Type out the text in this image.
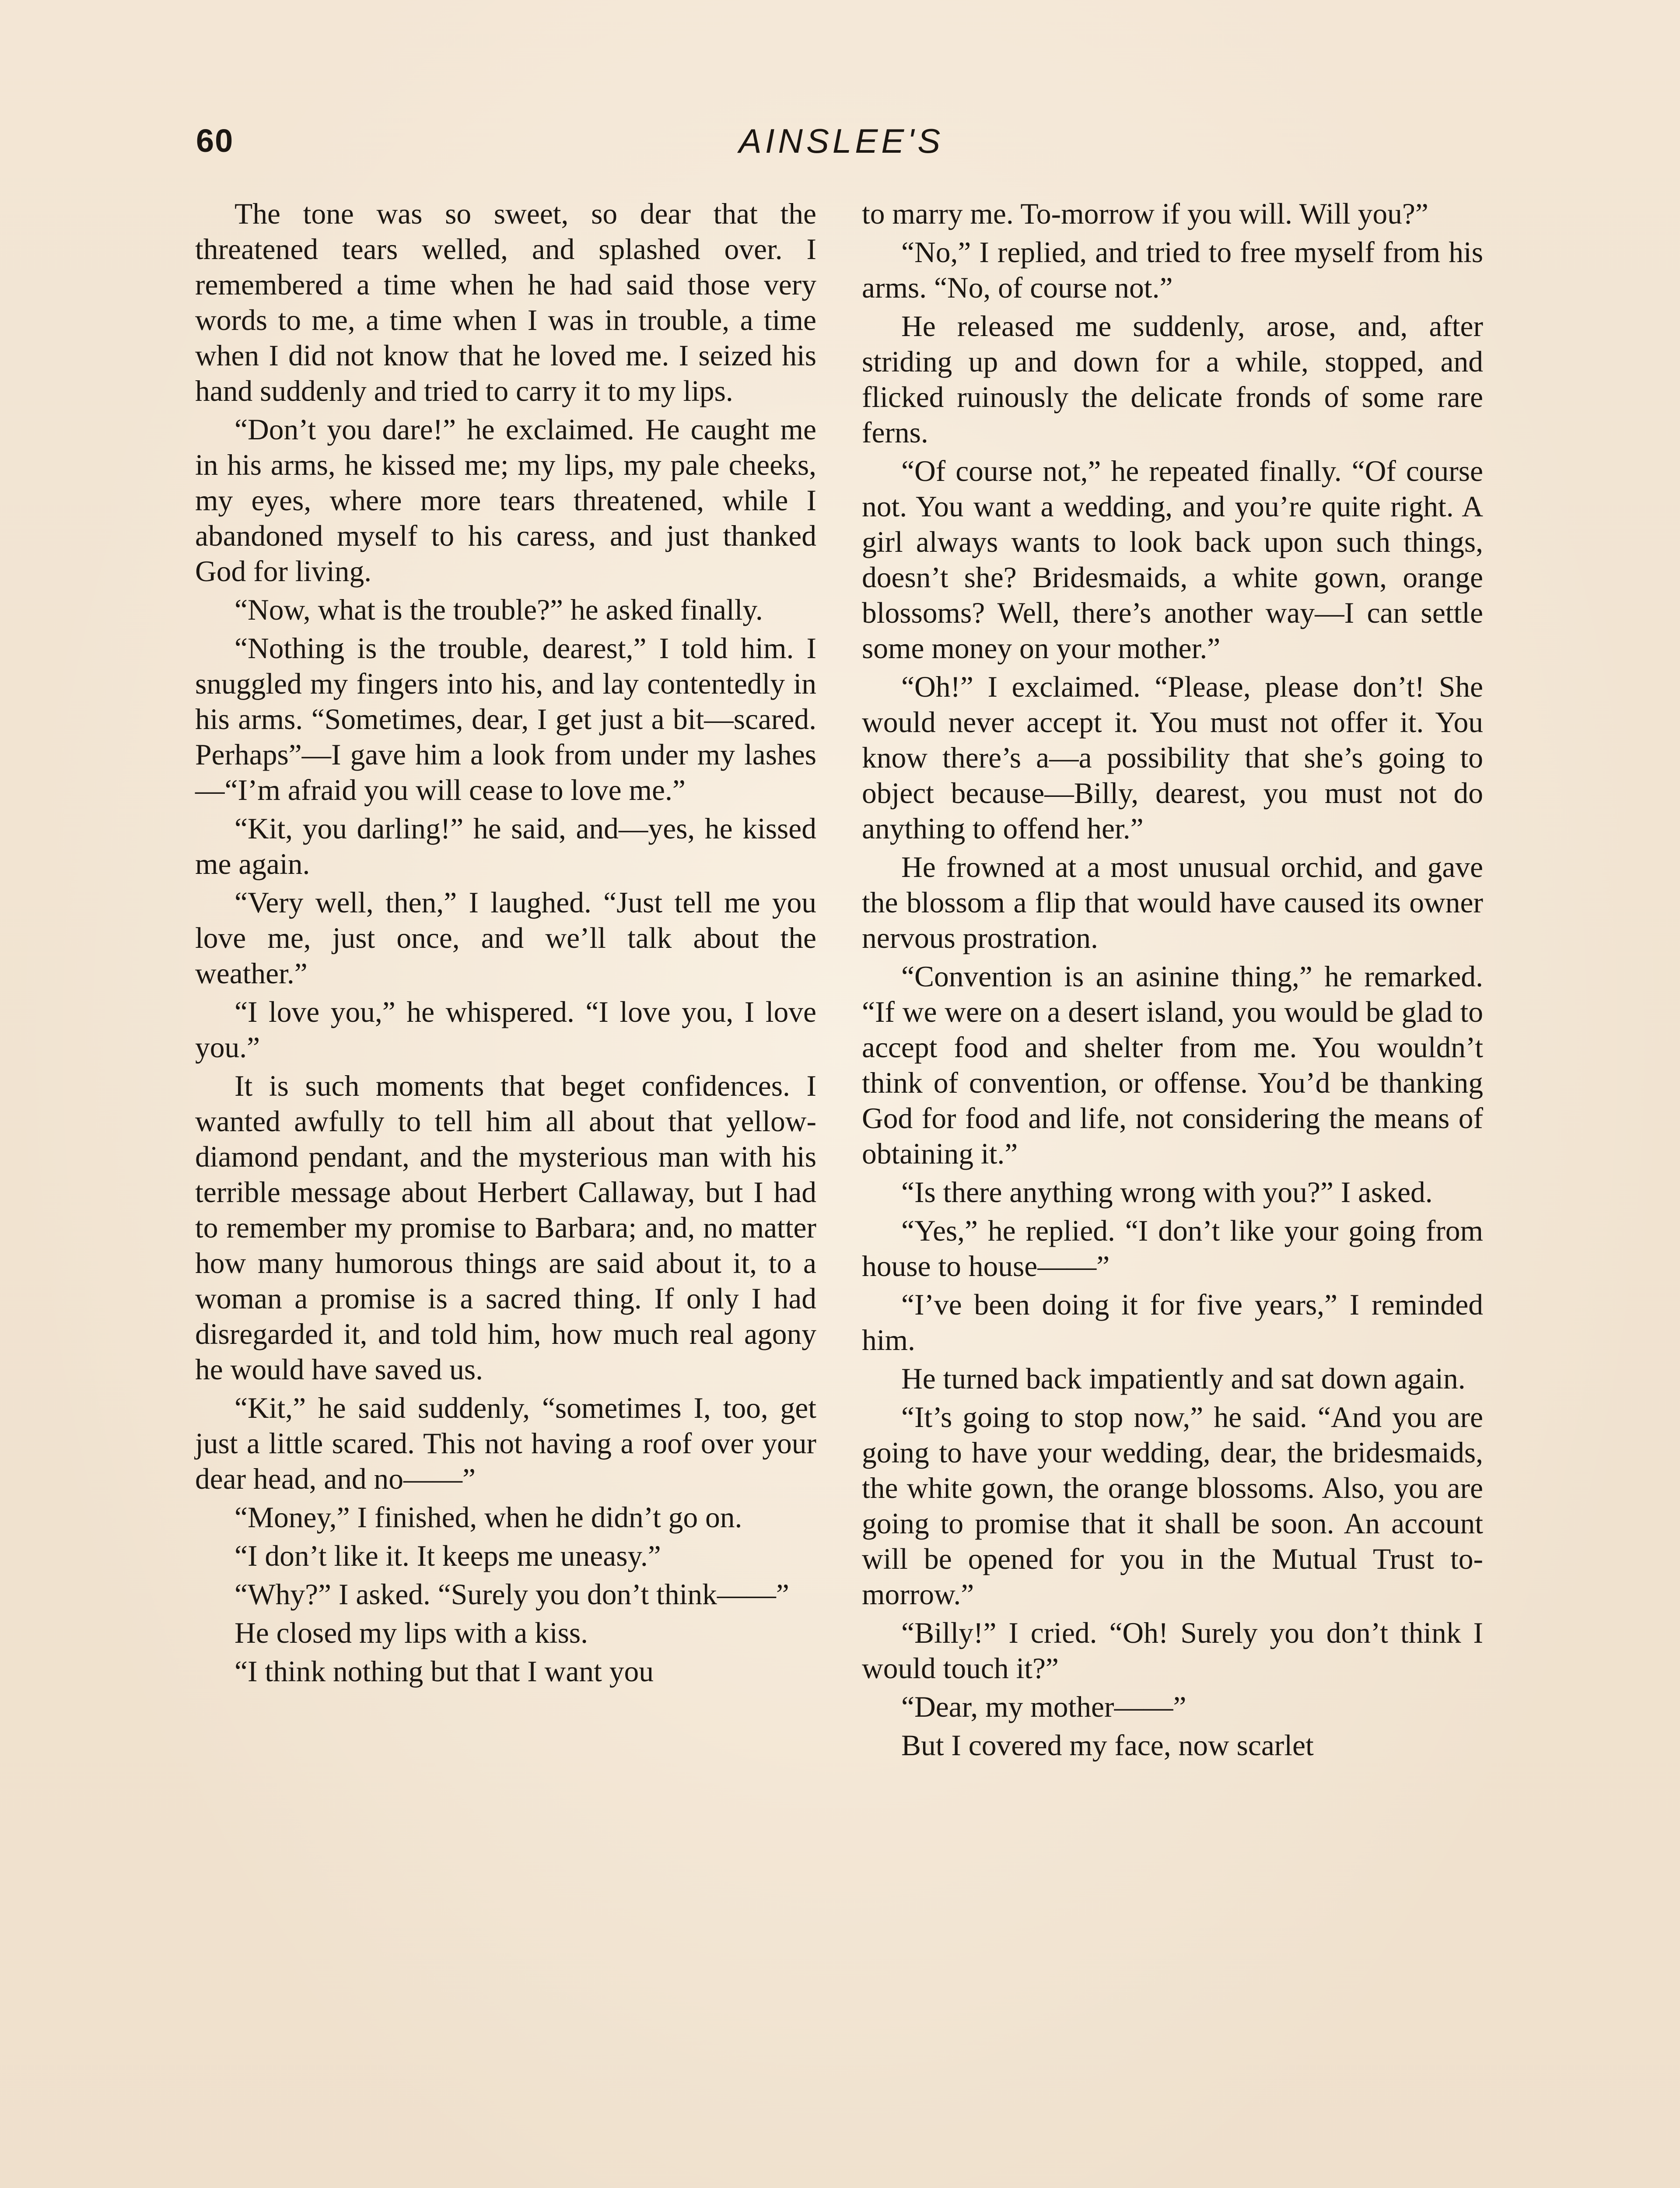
60	AINSLEE'S

The tone was so sweet, so dear that the threatened tears welled, and splashed over. I remembered a time when he had said those very words to me, a time when I was in trouble, a time when I did not know that he loved me. I seized his hand suddenly and tried to carry it to my lips.

“Don’t you dare!” he exclaimed. He caught me in his arms, he kissed me; my lips, my pale cheeks, my eyes, where more tears threatened, while I abandoned myself to his caress, and just thanked God for living.

“Now, what is the trouble?” he asked finally.

“Nothing is the trouble, dearest,” I told him. I snuggled my fingers into his, and lay contentedly in his arms. “Sometimes, dear, I get just a bit—scared. Perhaps”—I gave him a look from under my lashes—“I’m afraid you will cease to love me.”

“Kit, you darling!” he said, and—yes, he kissed me again.

“Very well, then,” I laughed. “Just tell me you love me, just once, and we’ll talk about the weather.”

“I love you,” he whispered. “I love you, I love you.”

It is such moments that beget confidences. I wanted awfully to tell him all about that yellow-diamond pendant, and the mysterious man with his terrible message about Herbert Callaway, but I had to remember my promise to Barbara; and, no matter how many humorous things are said about it, to a woman a promise is a sacred thing. If only I had disregarded it, and told him, how much real agony he would have saved us.

“Kit,” he said suddenly, “sometimes I, too, get just a little scared. This not having a roof over your dear head, and no——”

“Money,” I finished, when he didn’t go on.

“I don’t like it. It keeps me uneasy.”

“Why?” I asked. “Surely you don’t think——”

He closed my lips with a kiss.

“I think nothing but that I want you

to marry me. To-morrow if you will. Will you?”

“No,” I replied, and tried to free myself from his arms. “No, of course not.”

He released me suddenly, arose, and, after striding up and down for a while, stopped, and flicked ruinously the delicate fronds of some rare ferns.

“Of course not,” he repeated finally. “Of course not. You want a wedding, and you’re quite right. A girl always wants to look back upon such things, doesn’t she? Bridesmaids, a white gown, orange blossoms? Well, there’s another way—I can settle some money on your mother.”

“Oh!” I exclaimed. “Please, please don’t! She would never accept it. You must not offer it. You know there’s a—a possibility that she’s going to object because—Billy, dearest, you must not do anything to offend her.”

He frowned at a most unusual orchid, and gave the blossom a flip that would have caused its owner nervous prostration.

“Convention is an asinine thing,” he remarked. “If we were on a desert island, you would be glad to accept food and shelter from me. You wouldn’t think of convention, or offense. You’d be thanking God for food and life, not considering the means of obtaining it.”

“Is there anything wrong with you?” I asked.

“Yes,” he replied. “I don’t like your going from house to house——”

“I’ve been doing it for five years,” I reminded him.

He turned back impatiently and sat down again.

“It’s going to stop now,” he said. “And you are going to have your wedding, dear, the bridesmaids, the white gown, the orange blossoms. Also, you are going to promise that it shall be soon. An account will be opened for you in the Mutual Trust to-morrow.”

“Billy!” I cried. “Oh! Surely you don’t think I would touch it?”

“Dear, my mother——”

But I covered my face, now scarlet
